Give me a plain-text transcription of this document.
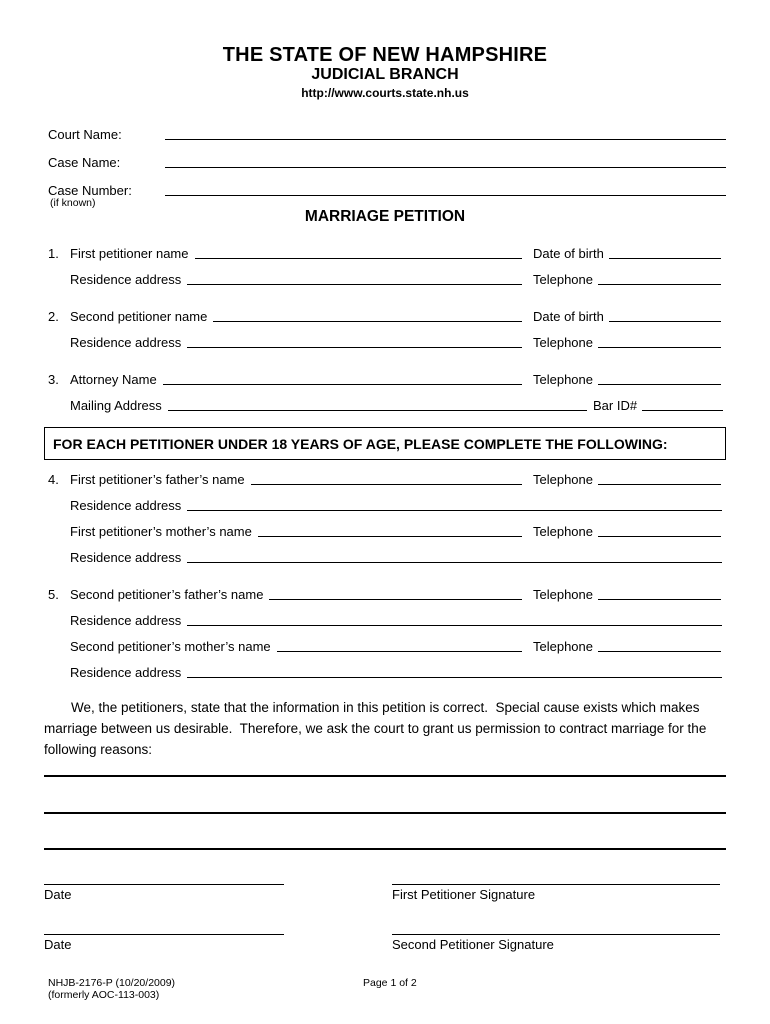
THE STATE OF NEW HAMPSHIRE
JUDICIAL BRANCH
http://www.courts.state.nh.us
Court Name:
Case Name:
Case Number:
(if known)
MARRIAGE PETITION
1. First petitioner name	Date of birth
Residence address	Telephone
2. Second petitioner name	Date of birth
Residence address	Telephone
3. Attorney Name	Telephone
Mailing Address	Bar ID#
FOR EACH PETITIONER UNDER 18 YEARS OF AGE, PLEASE COMPLETE THE FOLLOWING:
4. First petitioner’s father’s name	Telephone
Residence address
First petitioner’s mother’s name	Telephone
Residence address
5. Second petitioner’s father’s name	Telephone
Residence address
Second petitioner’s mother’s name	Telephone
Residence address
We, the petitioners, state that the information in this petition is correct.  Special cause exists which makes marriage between us desirable.  Therefore, we ask the court to grant us permission to contract marriage for the following reasons:
Date	First Petitioner Signature
Date	Second Petitioner Signature
NHJB-2176-P (10/20/2009)
(formerly AOC-113-003)
Page 1 of 2
